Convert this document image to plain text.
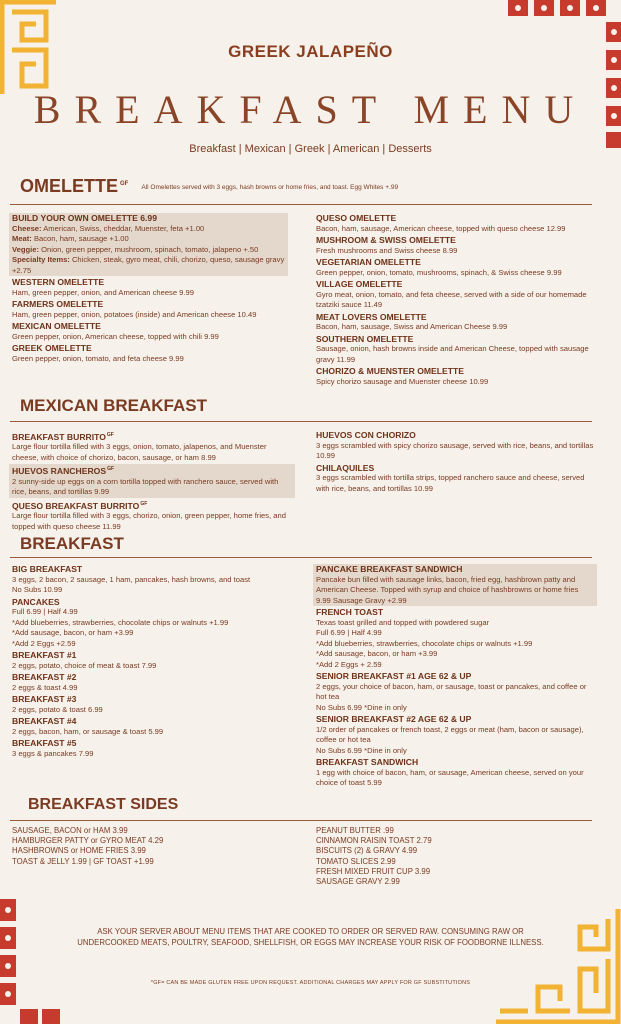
GREEK JALAPEÑO
BREAKFAST MENU
Breakfast | Mexican | Greek | American | Desserts
OMELETTE $^{GF}$ All Omelettes served with 3 eggs, hash browns or home fries, and toast. Egg Whites +.99
BUILD YOUR OWN OMELETTE 6.99
Cheese: American, Swiss, cheddar, Muenster, feta +1.00
Meat: Bacon, ham, sausage +1.00
Veggie: Onion, green pepper, mushroom, spinach, tomato, jalapeno +.50
Specialty Items: Chicken, steak, gyro meat, chili, chorizo, queso, sausage gravy +2.75
WESTERN OMELETTE
Ham, green pepper, onion, and American cheese 9.99
FARMERS OMELETTE
Ham, green pepper, onion, potatoes (inside) and American cheese 10.49
MEXICAN OMELETTE
Green pepper, onion, American cheese, topped with chili 9.99
GREEK OMELETTE
Green pepper, onion, tomato, and feta cheese 9.99
QUESO OMELETTE
Bacon, ham, sausage, American cheese, topped with queso cheese 12.99
MUSHROOM & SWISS OMELETTE
Fresh mushrooms and Swiss cheese 8.99
VEGETARIAN OMELETTE
Green pepper, onion, tomato, mushrooms, spinach, & Swiss cheese 9.99
VILLAGE OMELETTE
Gyro meat, onion, tomato, and feta cheese, served with a side of our homemade tzatziki sauce 11.49
MEAT LOVERS OMELETTE
Bacon, ham, sausage, Swiss and American Cheese 9.99
SOUTHERN OMELETTE
Sausage, onion, hash browns inside and American Cheese, topped with sausage gravy 11.99
CHORIZO & MUENSTER OMELETTE
Spicy chorizo sausage and Muenster cheese 10.99
MEXICAN BREAKFAST
BREAKFAST $BURRITO^{GF}$
Large flour tortilla filled with 3 eggs, onion, tomato, jalapenos, and Muenster cheese, with choice of chorizo, bacon, sausage, or ham 8.99
HUEVOS $RANCHEROS^{GF}$
2 sunny-side up eggs on a corn tortilla topped with ranchero sauce, served with rice, beans, and tortillas 9.99
QUESO BREAKFAST $BURRITO^{GF}$
Large flour tortilla filled with 3 eggs, chorizo, onion, green pepper, home fries, and topped with queso cheese 11.99
HUEVOS CON CHORIZO
3 eggs scrambled with spicy chorizo sausage, served with rice, beans, and tortillas 10.99
CHILAQUILES
3 eggs scrambled with tortilla strips, topped ranchero sauce and cheese, served with rice, beans, and tortillas 10.99
BREAKFAST
BIG BREAKFAST
3 eggs, 2 bacon, 2 sausage, 1 ham, pancakes, hash browns, and toast
No Subs 10.99
PANCAKES
Full 6.99 | Half 4.99
*Add blueberries, strawberries, chocolate chips or walnuts +1.99
*Add sausage, bacon, or ham +3.99
*Add 2 Eggs +2.59
BREAKFAST #1
2 eggs, potato, choice of meat & toast 7.99
BREAKFAST #2
2 eggs & toast 4.99
BREAKFAST #3
2 eggs, potato & toast 6.99
BREAKFAST #4
2 eggs, bacon, ham, or sausage & toast 5.99
BREAKFAST #5
3 eggs & pancakes 7.99
PANCAKE BREAKFAST SANDWICH
Pancake bun filled with sausage links, bacon, fried egg, hashbrown patty and American Cheese. Topped with syrup and choice of hashbrowns or home fries 9.99 Sausage Gravy +2.99
FRENCH TOAST
Texas toast grilled and topped with powdered sugar
Full 6.99 | Half 4.99
*Add blueberries, strawberries, chocolate chips or walnuts +1.99
*Add sausage, bacon, or ham +3.99
*Add 2 Eggs + 2.59
SENIOR BREAKFAST #1 AGE 62 & UP
2 eggs, your choice of bacon, ham, or sausage, toast or pancakes, and coffee or hot tea
No Subs 6.99 *Dine in only
SENIOR BREAKFAST #2 AGE 62 & UP
1/2 order of pancakes or french toast, 2 eggs or meat (ham, bacon or sausage), coffee or hot tea
No Subs 6.99 *Dine in only
BREAKFAST SANDWICH
1 egg with choice of bacon, ham, or sausage, American cheese, served on your choice of toast 5.99
BREAKFAST SIDES
SAUSAGE, BACON or HAM 3.99
HAMBURGER PATTY or GYRO MEAT 4.29
HASHBROWNS or HOME FRIES 3.99
TOAST & JELLY 1.99 | GF TOAST +1.99
PEANUT BUTTER .99
CINNAMON RAISIN TOAST 2.79
BISCUITS (2) & GRAVY 4.99
TOMATO SLICES 2.99
FRESH MIXED FRUIT CUP 3.99
SAUSAGE GRAVY 2.99
ASK YOUR SERVER ABOUT MENU ITEMS THAT ARE COOKED TO ORDER OR SERVED RAW. CONSUMING RAW OR
UNDERCOOKED MEATS, POULTRY, SEAFOOD, SHELLFISH, OR EGGS MAY INCREASE YOUR RISK OF FOODBORNE ILLNESS.
*GF= CAN BE MADE GLUTEN FREE UPON REQUEST. ADDITIONAL CHARGES MAY APPLY FOR GF SUBSTITUTIONS
